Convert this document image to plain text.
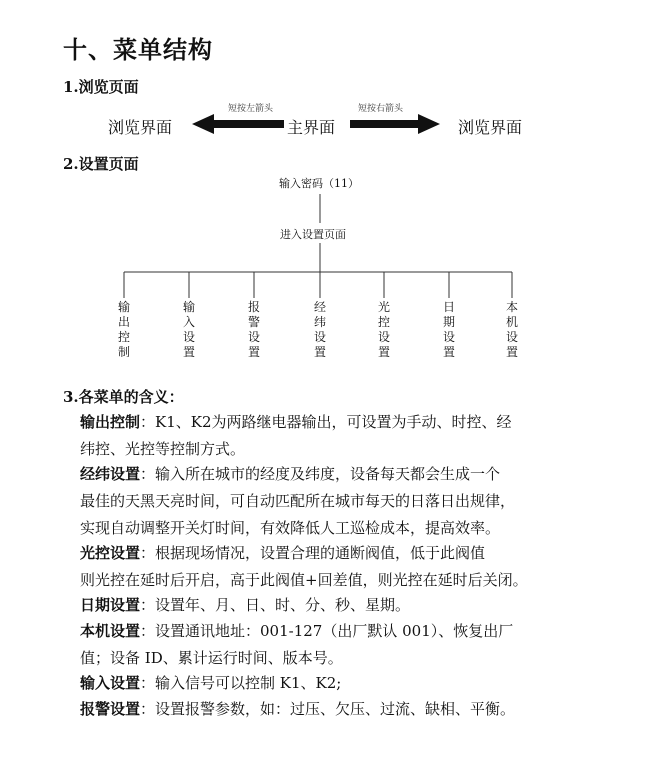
十、菜单结构
1.浏览页面
浏览界面	主界面	浏览界面
短按左箭头	短按右箭头
2.设置页面
输入密码（11）
进入设置页面
输出控制
输入设置
报警设置
经纬设置
光控设置
日期设置
本机设置
3.各菜单的含义：
输出控制：K1、K2为两路继电器输出，可设置为手动、时控、经
纬控、光控等控制方式。
经纬设置：输入所在城市的经度及纬度，设备每天都会生成一个
最佳的天黑天亮时间，可自动匹配所在城市每天的日落日出规律，
实现自动调整开关灯时间，有效降低人工巡检成本，提高效率。
光控设置：根据现场情况，设置合理的通断阀值，低于此阀值
则光控在延时后开启，高于此阀值+回差值，则光控在延时后关闭。
日期设置：设置年、月、日、时、分、秒、星期。
本机设置：设置通讯地址：001-127（出厂默认 001）、恢复出厂
值；设备 ID、累计运行时间、版本号。
输入设置：输入信号可以控制 K1、K2;
报警设置：设置报警参数，如：过压、欠压、过流、缺相、平衡。
